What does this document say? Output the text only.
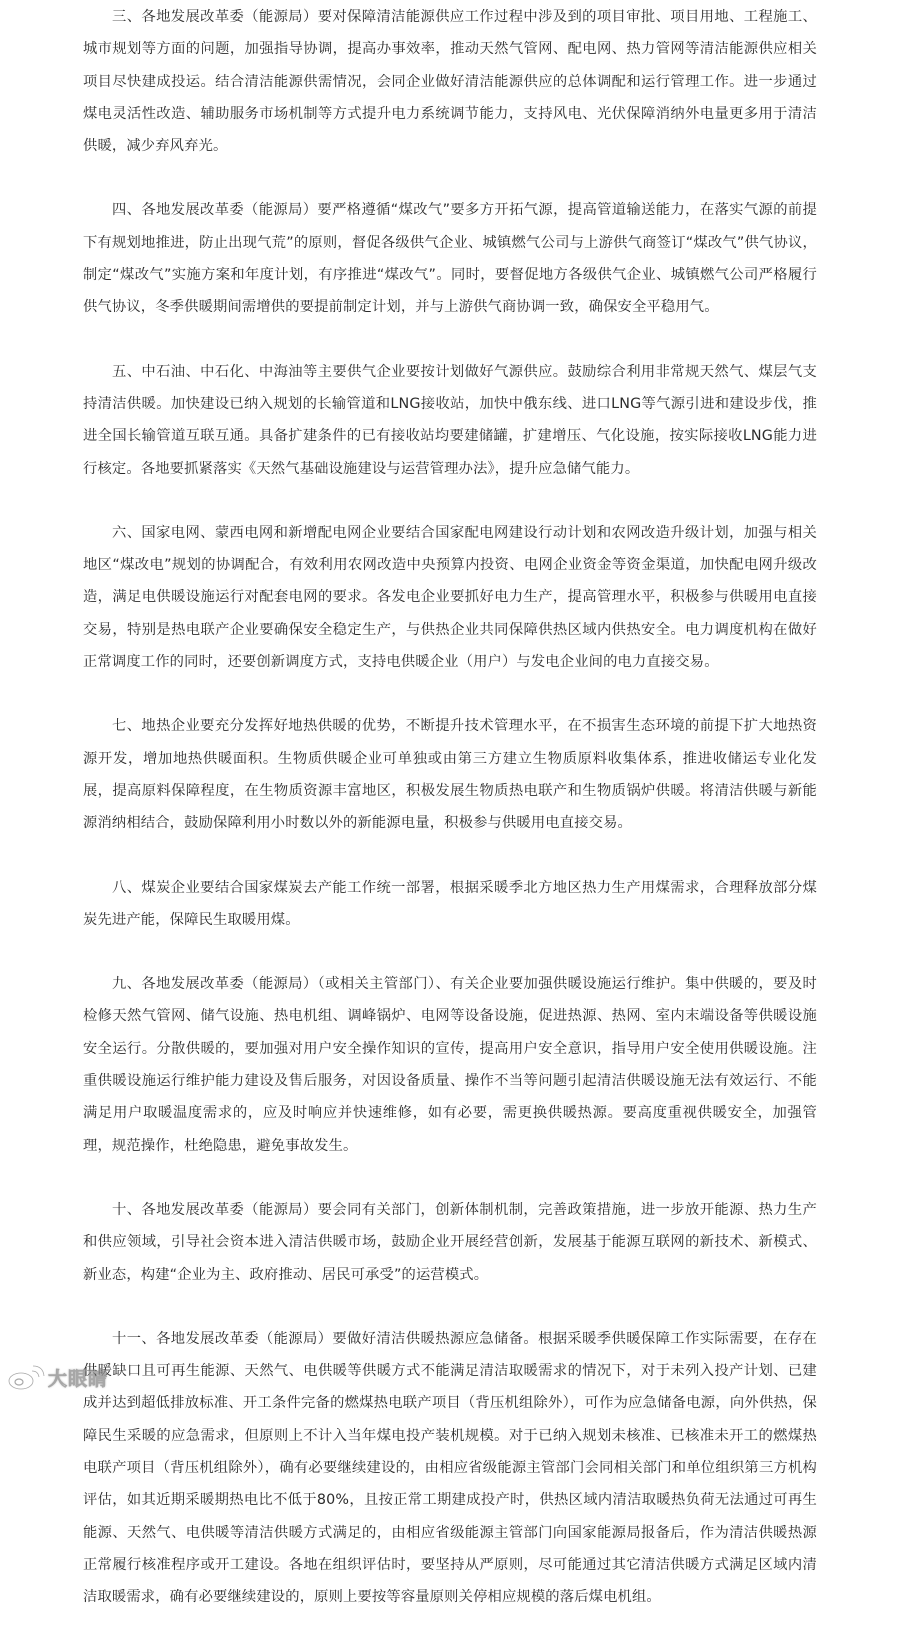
三、各地发展改革委（能源局）要对保障清洁能源供应工作过程中涉及到的项目审批、项目用地、工程施工、城市规划等方面的问题，加强指导协调，提高办事效率，推动天然气管网、配电网、热力管网等清洁能源供应相关项目尽快建成投运。结合清洁能源供需情况，会同企业做好清洁能源供应的总体调配和运行管理工作。进一步通过煤电灵活性改造、辅助服务市场机制等方式提升电力系统调节能力，支持风电、光伏保障消纳外电量更多用于清洁供暖，减少弃风弃光。

四、各地发展改革委（能源局）要严格遵循“煤改气”要多方开拓气源，提高管道输送能力，在落实气源的前提下有规划地推进，防止出现气荒”的原则，督促各级供气企业、城镇燃气公司与上游供气商签订“煤改气”供气协议，制定“煤改气”实施方案和年度计划，有序推进“煤改气”。同时，要督促地方各级供气企业、城镇燃气公司严格履行供气协议，冬季供暖期间需增供的要提前制定计划，并与上游供气商协调一致，确保安全平稳用气。

五、中石油、中石化、中海油等主要供气企业要按计划做好气源供应。鼓励综合利用非常规天然气、煤层气支持清洁供暖。加快建设已纳入规划的长输管道和LNG接收站，加快中俄东线、进口LNG等气源引进和建设步伐，推进全国长输管道互联互通。具备扩建条件的已有接收站均要建储罐，扩建增压、气化设施，按实际接收LNG能力进行核定。各地要抓紧落实《天然气基础设施建设与运营管理办法》，提升应急储气能力。

六、国家电网、蒙西电网和新增配电网企业要结合国家配电网建设行动计划和农网改造升级计划，加强与相关地区“煤改电”规划的协调配合，有效利用农网改造中央预算内投资、电网企业资金等资金渠道，加快配电网升级改造，满足电供暖设施运行对配套电网的要求。各发电企业要抓好电力生产，提高管理水平，积极参与供暖用电直接交易，特别是热电联产企业要确保安全稳定生产，与供热企业共同保障供热区域内供热安全。电力调度机构在做好正常调度工作的同时，还要创新调度方式，支持电供暖企业（用户）与发电企业间的电力直接交易。

七、地热企业要充分发挥好地热供暖的优势，不断提升技术管理水平，在不损害生态环境的前提下扩大地热资源开发，增加地热供暖面积。生物质供暖企业可单独或由第三方建立生物质原料收集体系，推进收储运专业化发展，提高原料保障程度，在生物质资源丰富地区，积极发展生物质热电联产和生物质锅炉供暖。将清洁供暖与新能源消纳相结合，鼓励保障利用小时数以外的新能源电量，积极参与供暖用电直接交易。

八、煤炭企业要结合国家煤炭去产能工作统一部署，根据采暖季北方地区热力生产用煤需求，合理释放部分煤炭先进产能，保障民生取暖用煤。

九、各地发展改革委（能源局）（或相关主管部门）、有关企业要加强供暖设施运行维护。集中供暖的，要及时检修天然气管网、储气设施、热电机组、调峰锅炉、电网等设备设施，促进热源、热网、室内末端设备等供暖设施安全运行。分散供暖的，要加强对用户安全操作知识的宣传，提高用户安全意识，指导用户安全使用供暖设施。注重供暖设施运行维护能力建设及售后服务，对因设备质量、操作不当等问题引起清洁供暖设施无法有效运行、不能满足用户取暖温度需求的，应及时响应并快速维修，如有必要，需更换供暖热源。要高度重视供暖安全，加强管理，规范操作，杜绝隐患，避免事故发生。

十、各地发展改革委（能源局）要会同有关部门，创新体制机制，完善政策措施，进一步放开能源、热力生产和供应领域，引导社会资本进入清洁供暖市场，鼓励企业开展经营创新，发展基于能源互联网的新技术、新模式、新业态，构建“企业为主、政府推动、居民可承受”的运营模式。

十一、各地发展改革委（能源局）要做好清洁供暖热源应急储备。根据采暖季供暖保障工作实际需要，在存在供暖缺口且可再生能源、天然气、电供暖等供暖方式不能满足清洁取暖需求的情况下，对于未列入投产计划、已建成并达到超低排放标准、开工条件完备的燃煤热电联产项目（背压机组除外），可作为应急储备电源，向外供热，保障民生采暖的应急需求，但原则上不计入当年煤电投产装机规模。对于已纳入规划未核准、已核准未开工的燃煤热电联产项目（背压机组除外），确有必要继续建设的，由相应省级能源主管部门会同相关部门和单位组织第三方机构评估，如其近期采暖期热电比不低于80%，且按正常工期建成投产时，供热区域内清洁取暖热负荷无法通过可再生能源、天然气、电供暖等清洁供暖方式满足的，由相应省级能源主管部门向国家能源局报备后，作为清洁供暖热源正常履行核准程序或开工建设。各地在组织评估时，要坚持从严原则，尽可能通过其它清洁供暖方式满足区域内清洁取暖需求，确有必要继续建设的，原则上要按等容量原则关停相应规模的落后煤电机组。

大眼睛
